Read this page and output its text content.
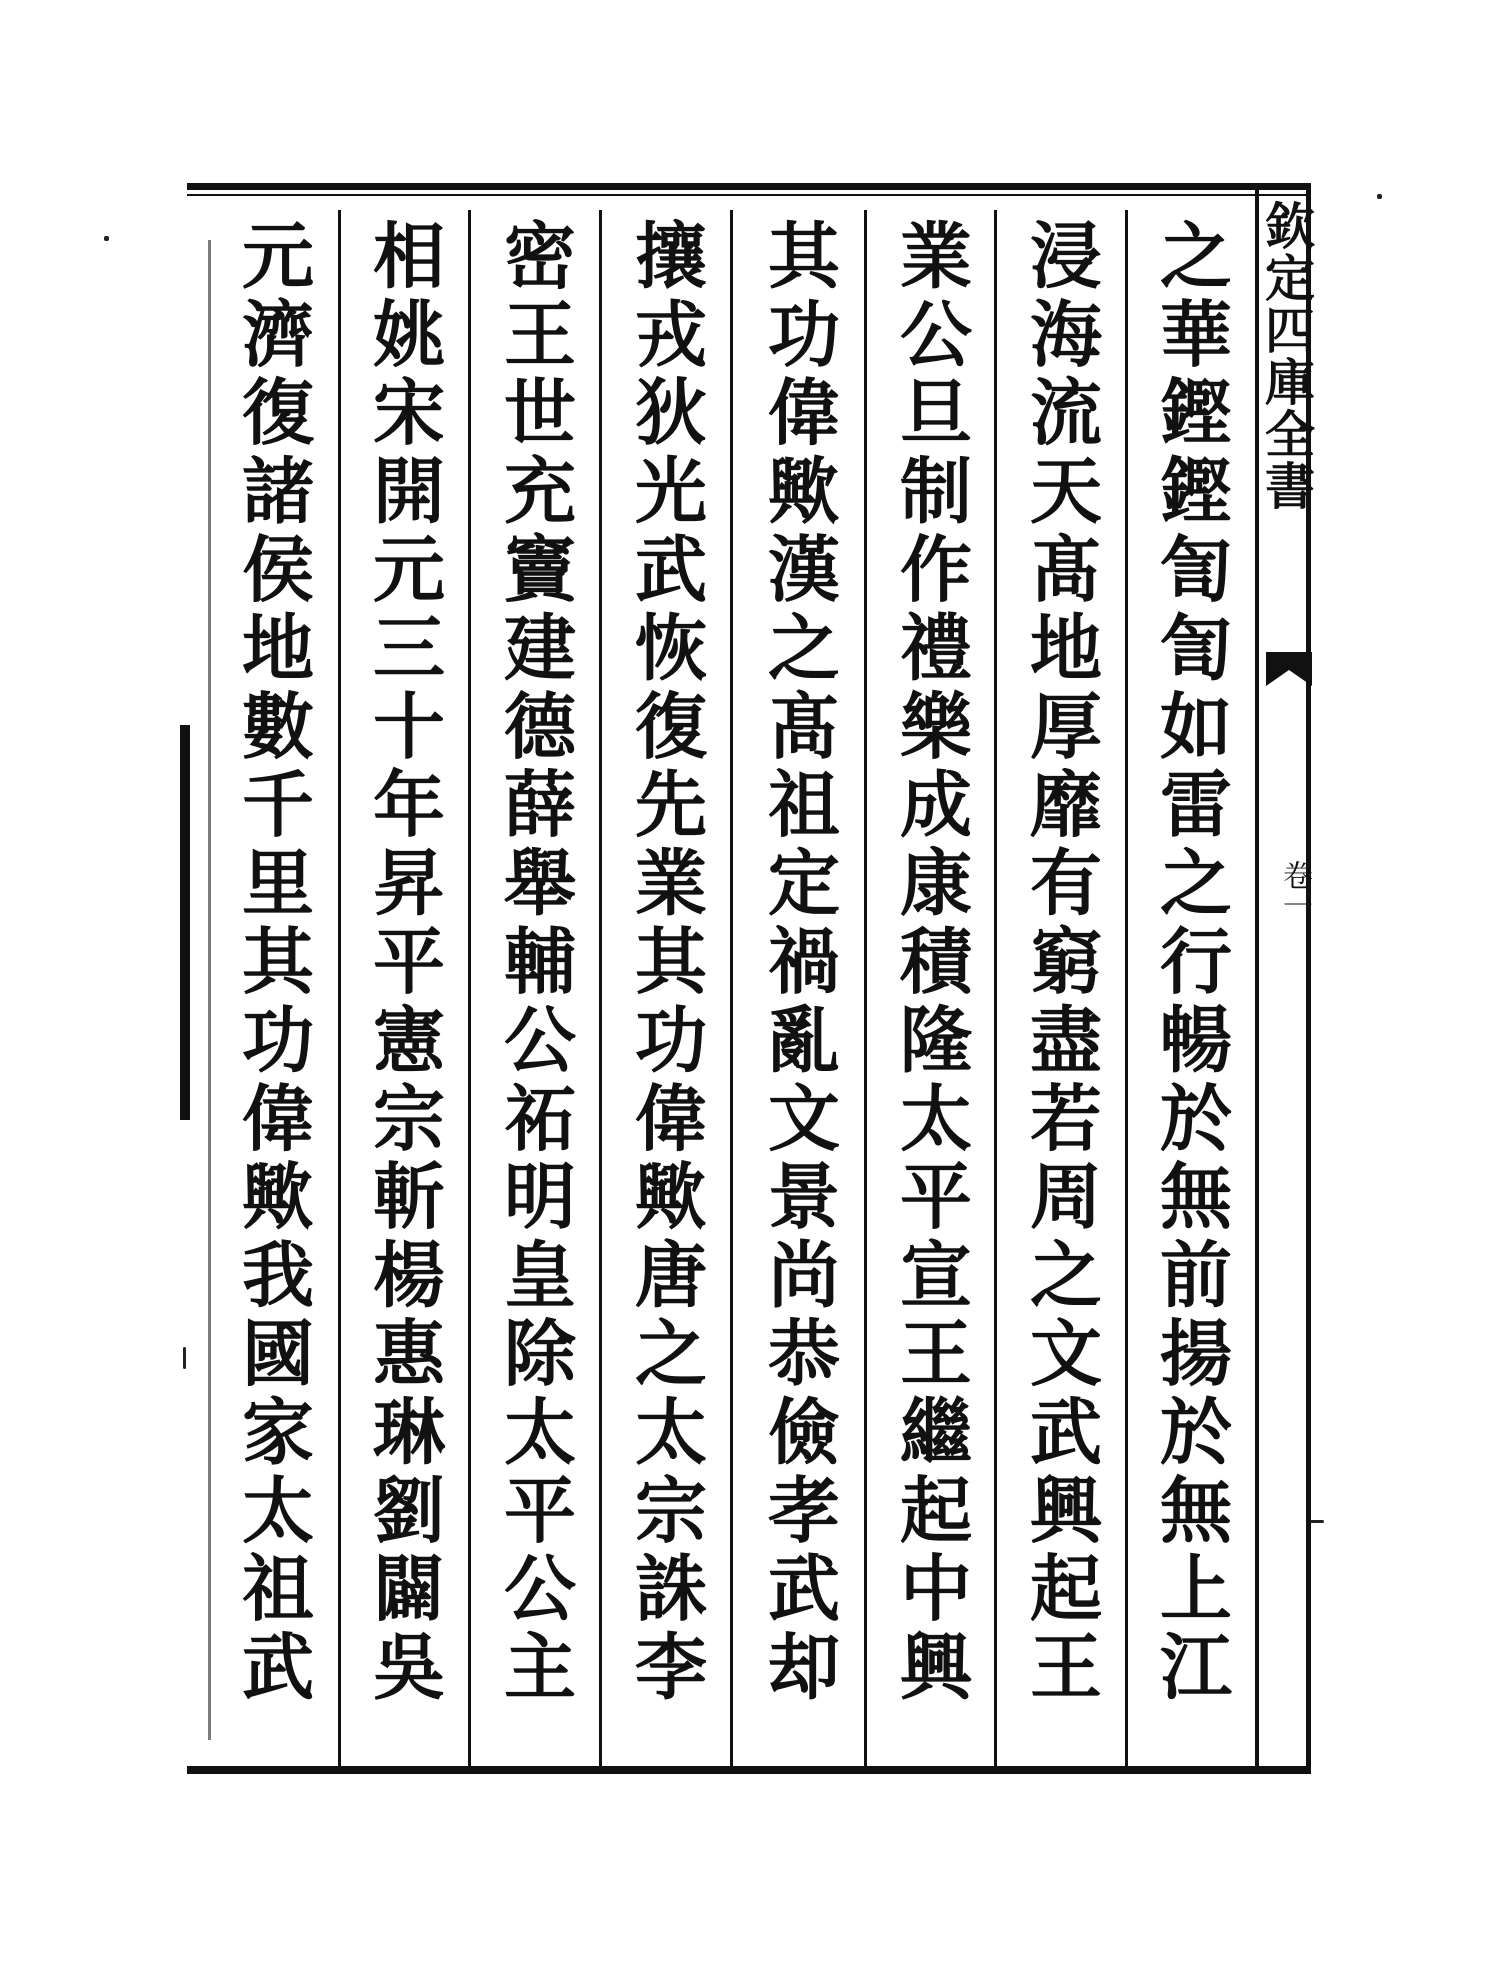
欽定四庫全書
卷一
之華鏗鏗訇訇如雷之行暢於無前揚於無上江
浸海流天髙地厚靡有窮盡若周之文武興起王
業公旦制作禮樂成康積隆太平宣王繼起中興
其功偉歟漢之髙祖定禍亂文景尚恭儉孝武却
攘戎狄光武恢復先業其功偉歟唐之太宗誅李
密王世充竇建德薛舉輔公祏明皇除太平公主
相姚宋開元三十年昇平憲宗斬楊惠琳劉闢吳
元濟復諸侯地數千里其功偉歟我國家太祖武
